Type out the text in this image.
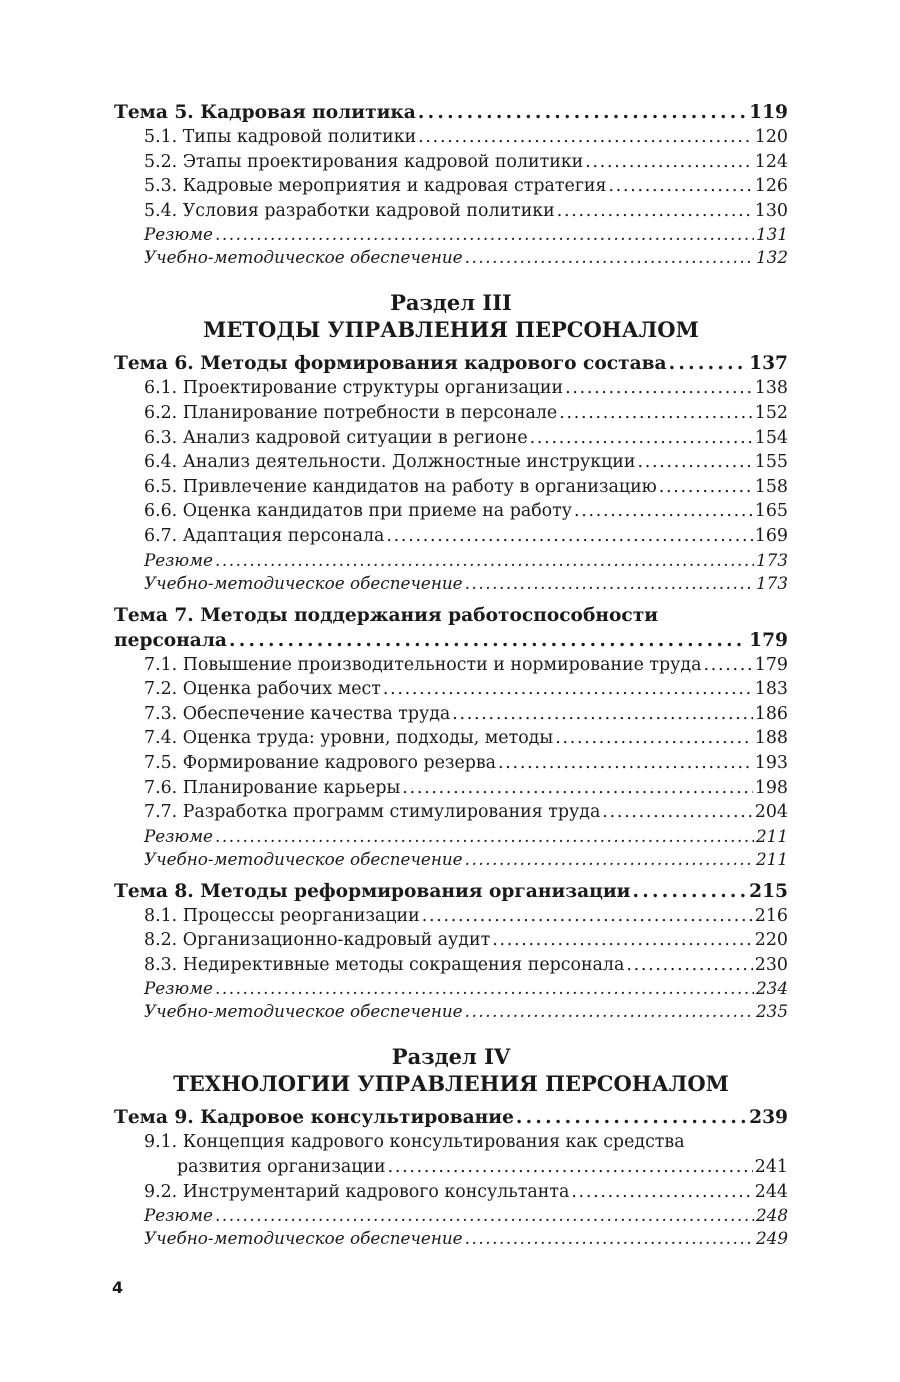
Тема 5. Кадровая политика . . .	119
5.1. Типы кадровой политики . . .	120
5.2. Этапы проектирования кадровой политики . . .	124
5.3. Кадровые мероприятия и кадровая стратегия . . .	126
5.4. Условия разработки кадровой политики . . .	130
Резюме . . .	131
Учебно-методическое обеспечение . . .	132
Раздел III
МЕТОДЫ УПРАВЛЕНИЯ ПЕРСОНАЛОМ
Тема 6. Методы формирования кадрового состава . . .	137
6.1. Проектирование структуры организации . . .	138
6.2. Планирование потребности в персонале . . .	152
6.3. Анализ кадровой ситуации в регионе . . .	154
6.4. Анализ деятельности. Должностные инструкции . . .	155
6.5. Привлечение кандидатов на работу в организацию . . .	158
6.6. Оценка кандидатов при приеме на работу . . .	165
6.7. Адаптация персонала . . .	169
Резюме . . .	173
Учебно-методическое обеспечение . . .	173
Тема 7. Методы поддержания работоспособности
персонала . . .	179
7.1. Повышение производительности и нормирование труда . . .	179
7.2. Оценка рабочих мест . . .	183
7.3. Обеспечение качества труда . . .	186
7.4. Оценка труда: уровни, подходы, методы . . .	188
7.5. Формирование кадрового резерва . . .	193
7.6. Планирование карьеры . . .	198
7.7. Разработка программ стимулирования труда . . .	204
Резюме . . .	211
Учебно-методическое обеспечение . . .	211
Тема 8. Методы реформирования организации . . .	215
8.1. Процессы реорганизации . . .	216
8.2. Организационно-кадровый аудит . . .	220
8.3. Недирективные методы сокращения персонала . . .	230
Резюме . . .	234
Учебно-методическое обеспечение . . .	235
Раздел IV
ТЕХНОЛОГИИ УПРАВЛЕНИЯ ПЕРСОНАЛОМ
Тема 9. Кадровое консультирование . . .	239
9.1. Концепция кадрового консультирования как средства
развития организации . . .	241
9.2. Инструментарий кадрового консультанта . . .	244
Резюме . . .	248
Учебно-методическое обеспечение . . .	249
4
